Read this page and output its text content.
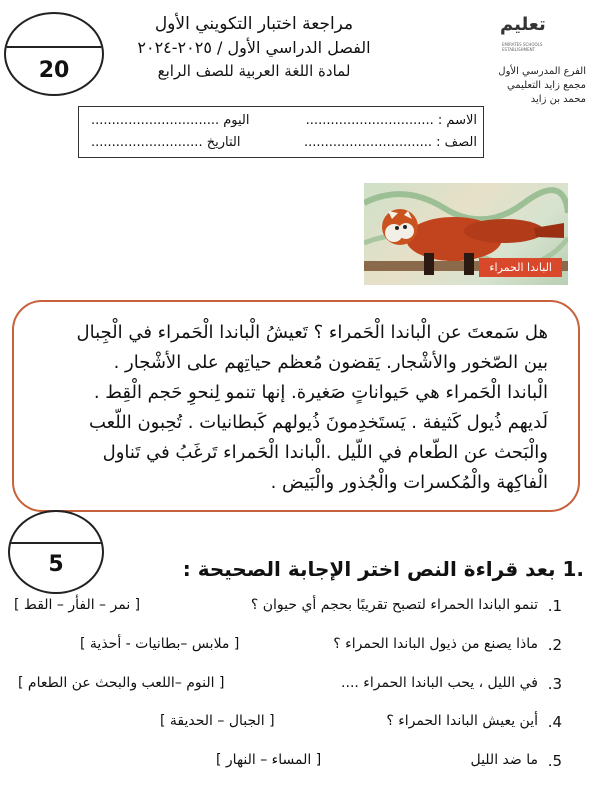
20
مراجعة اختبار التكويني الأول
الفصل الدراسي الأول / ٢٠٢٥-٢٠٢٤
لمادة اللغة العربية للصف الرابع
تعليم
EMIRATES SCHOOLS ESTABLISHMENT
الفرع المدرسي الأول
مجمع زايد التعليمي
محمد بن زايد
الاسم : ...............................
الصف : ...............................
اليوم ...............................
التاريخ ...........................
الباندا الحمراء
هل سَمعتَ عن الْباندا الْحَمراء ؟ تَعيشُ الْباندا الْحَمراء في الْجِبال
بين الصّخور والأشْجار. يَقضون مُعظم حياتِهم على الأشْجار .
الْباندا الْحَمراء هي حَيواناتٍ صَغيرة. إنها تنمو لِنحوِ حَجم الْقِط .
لَديهم ذُيول كَثيفة . يَستَخدِمونَ ذُيولهم كَبطانيات . تُحِبون اللّعب
والْبَحث عن الطّعام في اللّيل .الْباندا الْحَمراء تَرغَبُ في تَناول
الْفاكِهة والْمُكسرات والْجُذور والْبَيض .
5	.1 بعد قراءة النص اختر الإجابة الصحيحة :
.1
تنمو الباندا الحمراء لتصبح تقريبًا بحجم أي حيوان ؟
[ نمر – الفأر – القط ]
.2
ماذا يصنع من ذيول الباندا الحمراء ؟
[ ملابس –بطانيات - أحذية ]
.3
في الليل ، يحب الباندا الحمراء ....
[ النوم –اللعب والبحث عن الطعام ]
.4
أين يعيش الباندا الحمراء ؟
[ الجبال – الحديقة ]
.5
ما ضد الليل
[ المساء – النهار ]
